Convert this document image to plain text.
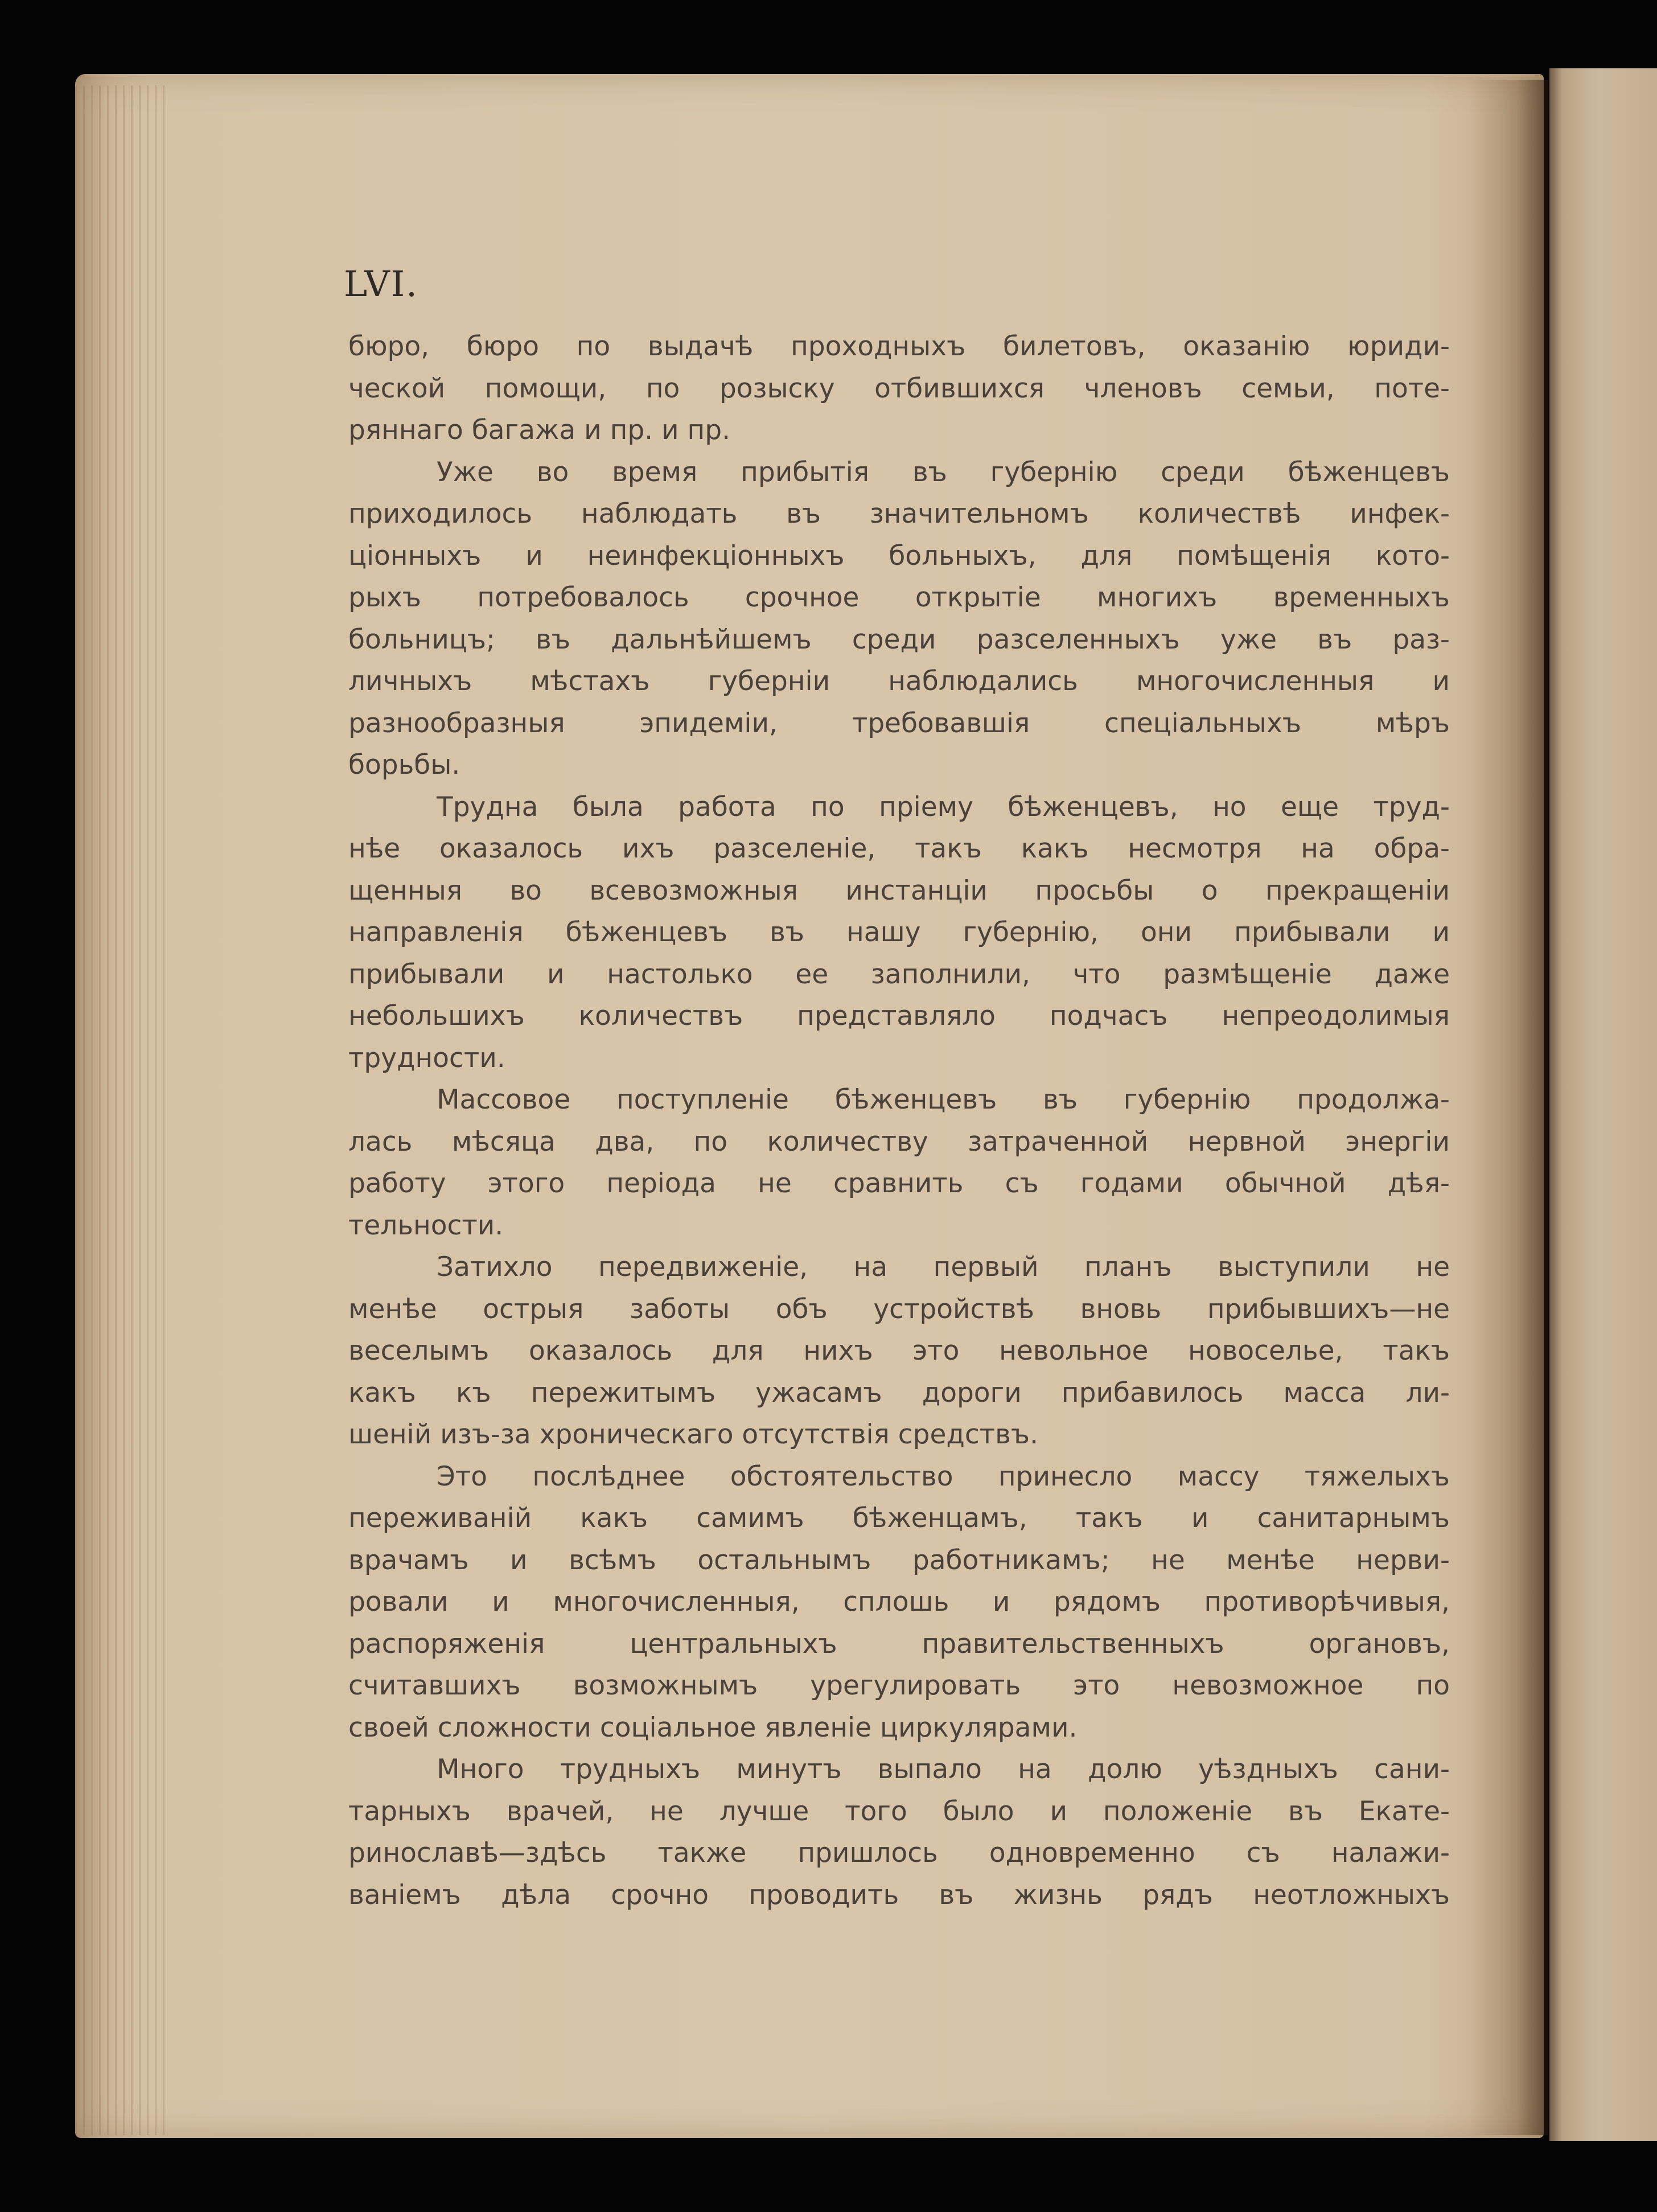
LVI.
бюро, бюро по выдачѣ проходныхъ билетовъ, оказанію юриди-
ческой помощи, по розыску отбившихся членовъ семьи, поте-
ряннаго багажа и пр. и пр.
Уже во время прибытія въ губернію среди бѣженцевъ
приходилось наблюдать въ значительномъ количествѣ инфек-
ціонныхъ и неинфекціонныхъ больныхъ, для помѣщенія кото-
рыхъ потребовалось срочное открытіе многихъ временныхъ
больницъ; въ дальнѣйшемъ среди разселенныхъ уже въ раз-
личныхъ мѣстахъ губерніи наблюдались многочисленныя и
разнообразныя эпидеміи, требовавшія спеціальныхъ мѣръ
борьбы.
Трудна была работа по пріему бѣженцевъ, но еще труд-
нѣе оказалось ихъ разселеніе, такъ какъ несмотря на обра-
щенныя во всевозможныя инстанціи просьбы о прекращеніи
направленія бѣженцевъ въ нашу губернію, они прибывали и
прибывали и настолько ее заполнили, что размѣщеніе даже
небольшихъ количествъ представляло подчасъ непреодолимыя
трудности.
Массовое поступленіе бѣженцевъ въ губернію продолжа-
лась мѣсяца два, по количеству затраченной нервной энергіи
работу этого періода не сравнить съ годами обычной дѣя-
тельности.
Затихло передвиженіе, на первый планъ выступили не
менѣе острыя заботы объ устройствѣ вновь прибывшихъ—не
веселымъ оказалось для нихъ это невольное новоселье, такъ
какъ къ пережитымъ ужасамъ дороги прибавилось масса ли-
шеній изъ-за хроническаго отсутствія средствъ.
Это послѣднее обстоятельство принесло массу тяжелыхъ
переживаній какъ самимъ бѣженцамъ, такъ и санитарнымъ
врачамъ и всѣмъ остальнымъ работникамъ; не менѣе нерви-
ровали и многочисленныя, сплошь и рядомъ противорѣчивыя,
распоряженія центральныхъ правительственныхъ органовъ,
считавшихъ возможнымъ урегулировать это невозможное по
своей сложности соціальное явленіе циркулярами.
Много трудныхъ минутъ выпало на долю уѣздныхъ сани-
тарныхъ врачей, не лучше того было и положеніе въ Екате-
ринославѣ—здѣсь также пришлось одновременно съ налажи-
ваніемъ дѣла срочно проводить въ жизнь рядъ неотложныхъ
